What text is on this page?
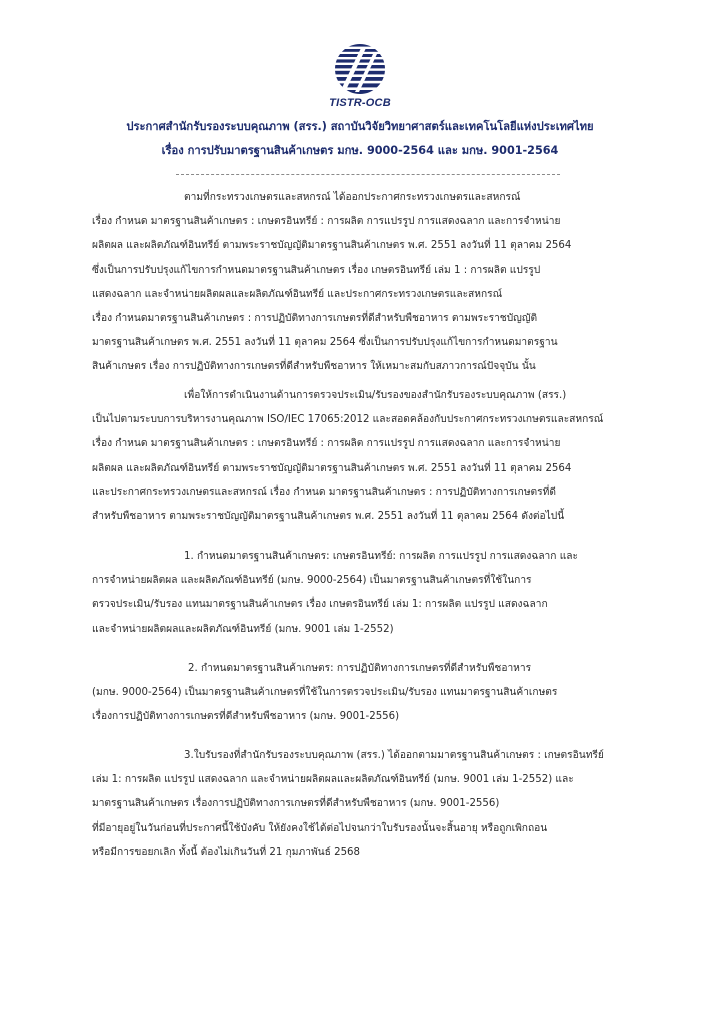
TISTR-OCB
ประกาศสำนักรับรองระบบคุณภาพ (สรร.) สถาบันวิจัยวิทยาศาสตร์และเทคโนโลยีแห่งประเทศไทย
เรื่อง การปรับมาตรฐานสินค้าเกษตร มกษ. 9000-2564 และ มกษ. 9001-2564
ตามที่กระทรวงเกษตรและสหกรณ์ ได้ออกประกาศกระทรวงเกษตรและสหกรณ์
เรื่อง กำหนด มาตรฐานสินค้าเกษตร : เกษตรอินทรีย์ : การผลิต การแปรรูป การแสดงฉลาก และการจำหน่าย
ผลิตผล และผลิตภัณฑ์อินทรีย์ ตามพระราชบัญญัติมาตรฐานสินค้าเกษตร พ.ศ. 2551 ลงวันที่ 11 ตุลาคม 2564
ซึ่งเป็นการปรับปรุงแก้ไขการกำหนดมาตรฐานสินค้าเกษตร เรื่อง เกษตรอินทรีย์ เล่ม 1 : การผลิต แปรรูป
แสดงฉลาก และจำหน่ายผลิตผลและผลิตภัณฑ์อินทรีย์ และประกาศกระทรวงเกษตรและสหกรณ์
เรื่อง กำหนดมาตรฐานสินค้าเกษตร : การปฏิบัติทางการเกษตรที่ดีสำหรับพืชอาหาร ตามพระราชบัญญัติ
มาตรฐานสินค้าเกษตร พ.ศ. 2551 ลงวันที่ 11 ตุลาคม 2564 ซึ่งเป็นการปรับปรุงแก้ไขการกำหนดมาตรฐาน
สินค้าเกษตร เรื่อง การปฏิบัติทางการเกษตรที่ดีสำหรับพืชอาหาร ให้เหมาะสมกับสภาวการณ์ปัจจุบัน นั้น
เพื่อให้การดำเนินงานด้านการตรวจประเมิน/รับรองของสำนักรับรองระบบคุณภาพ (สรร.)
เป็นไปตามระบบการบริหารงานคุณภาพ ISO/IEC 17065:2012 และสอดคล้องกับประกาศกระทรวงเกษตรและสหกรณ์
เรื่อง กำหนด มาตรฐานสินค้าเกษตร : เกษตรอินทรีย์ : การผลิต การแปรรูป การแสดงฉลาก และการจำหน่าย
ผลิตผล และผลิตภัณฑ์อินทรีย์ ตามพระราชบัญญัติมาตรฐานสินค้าเกษตร พ.ศ. 2551 ลงวันที่ 11 ตุลาคม 2564
และประกาศกระทรวงเกษตรและสหกรณ์ เรื่อง กำหนด มาตรฐานสินค้าเกษตร : การปฏิบัติทางการเกษตรที่ดี
สำหรับพืชอาหาร ตามพระราชบัญญัติมาตรฐานสินค้าเกษตร พ.ศ. 2551 ลงวันที่ 11 ตุลาคม 2564 ดังต่อไปนี้
1. กำหนดมาตรฐานสินค้าเกษตร: เกษตรอินทรีย์: การผลิต การแปรรูป การแสดงฉลาก และ
การจำหน่ายผลิตผล และผลิตภัณฑ์อินทรีย์ (มกษ. 9000-2564) เป็นมาตรฐานสินค้าเกษตรที่ใช้ในการ
ตรวจประเมิน/รับรอง แทนมาตรฐานสินค้าเกษตร เรื่อง เกษตรอินทรีย์ เล่ม 1: การผลิต แปรรูป แสดงฉลาก
และจำหน่ายผลิตผลและผลิตภัณฑ์อินทรีย์ (มกษ. 9001 เล่ม 1-2552)
2. กำหนดมาตรฐานสินค้าเกษตร: การปฏิบัติทางการเกษตรที่ดีสำหรับพืชอาหาร
(มกษ. 9000-2564) เป็นมาตรฐานสินค้าเกษตรที่ใช้ในการตรวจประเมิน/รับรอง แทนมาตรฐานสินค้าเกษตร
เรื่องการปฏิบัติทางการเกษตรที่ดีสำหรับพืชอาหาร (มกษ. 9001-2556)
3.ใบรับรองที่สำนักรับรองระบบคุณภาพ (สรร.) ได้ออกตามมาตรฐานสินค้าเกษตร : เกษตรอินทรีย์
เล่ม 1: การผลิต แปรรูป แสดงฉลาก และจำหน่ายผลิตผลและผลิตภัณฑ์อินทรีย์ (มกษ. 9001 เล่ม 1-2552) และ
มาตรฐานสินค้าเกษตร เรื่องการปฏิบัติทางการเกษตรที่ดีสำหรับพืชอาหาร (มกษ. 9001-2556)
ที่มีอายุอยู่ในวันก่อนที่ประกาศนี้ใช้บังคับ ให้ยังคงใช้ได้ต่อไปจนกว่าใบรับรองนั้นจะสิ้นอายุ หรือถูกเพิกถอน
หรือมีการขอยกเลิก ทั้งนี้ ต้องไม่เกินวันที่ 21 กุมภาพันธ์ 2568
